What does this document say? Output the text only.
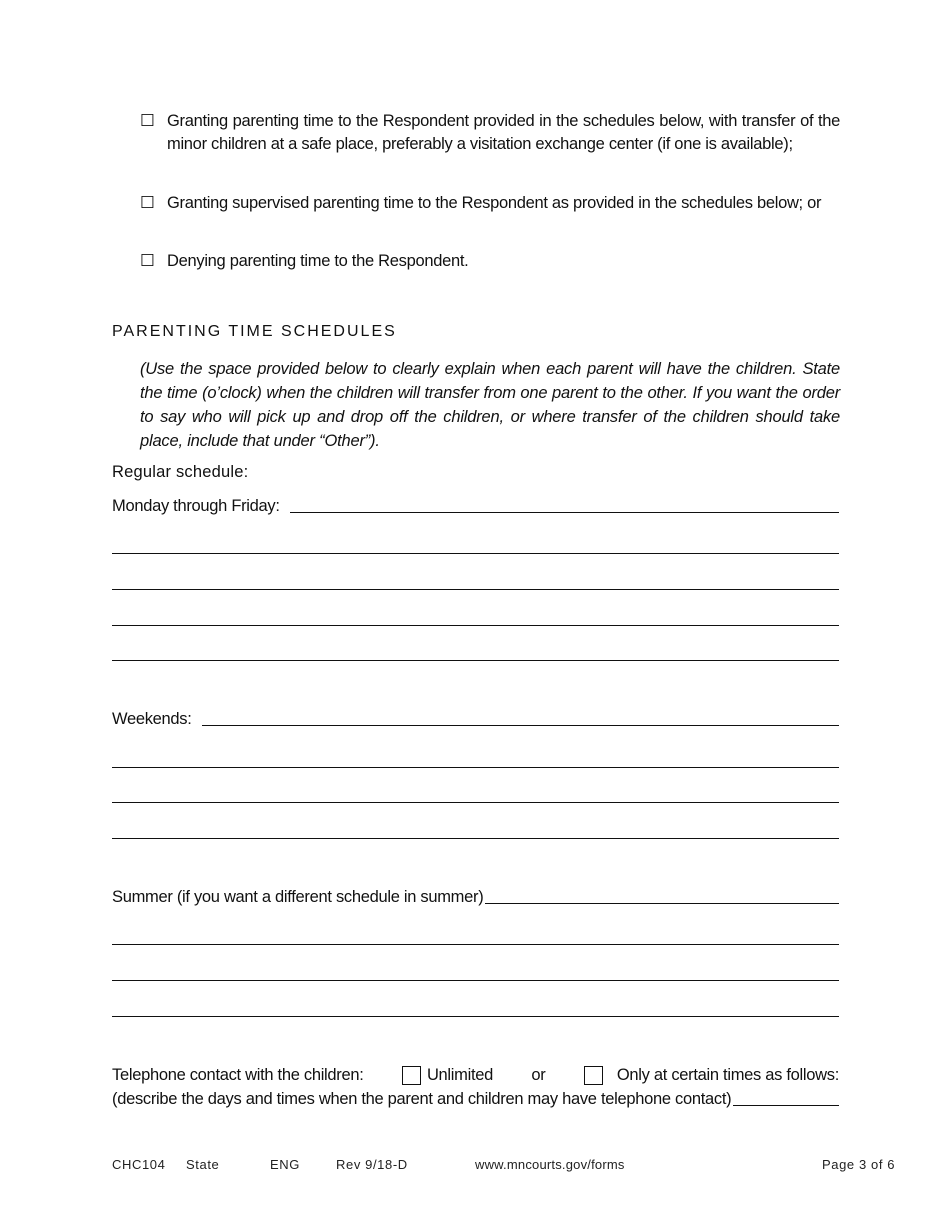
☐ Granting parenting time to the Respondent provided in the schedules below, with transfer of the minor children at a safe place, preferably a visitation exchange center (if one is available);
☐ Granting supervised parenting time to the Respondent as provided in the schedules below; or
☐ Denying parenting time to the Respondent.
PARENTING TIME SCHEDULES
(Use the space provided below to clearly explain when each parent will have the children. State the time (o’clock) when the children will transfer from one parent to the other. If you want the order to say who will pick up and drop off the children, or where transfer of the children should take place, include that under “Other”).
Regular schedule:
Monday through Friday:
Weekends:
Summer (if you want a different schedule in summer)
Telephone contact with the children:	Unlimited or	Only at certain times as follows:
(describe the days and times when the parent and children may have telephone contact)
CHC104 State	ENG	Rev 9/18-D	www.mncourts.gov/forms	Page 3 of 6
